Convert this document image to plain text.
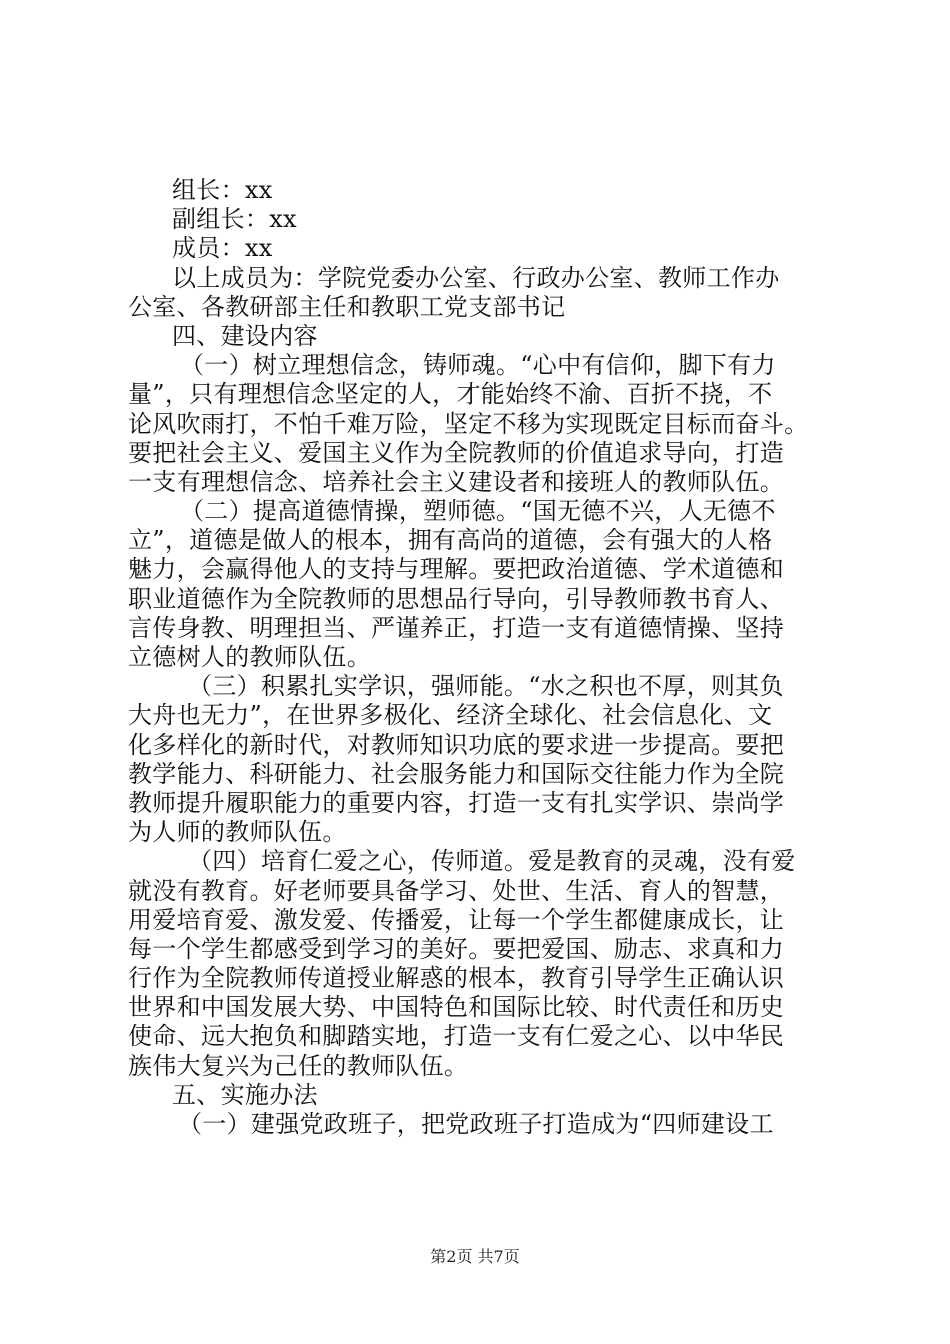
组长：xx
副组长：xx
成员：xx
以上成员为：学院党委办公室、行政办公室、教师工作办
公室、各教研部主任和教职工党支部书记
四、建设内容
（一）树立理想信念，铸师魂。“心中有信仰，脚下有力
量”，只有理想信念坚定的人，才能始终不渝、百折不挠，不
论风吹雨打，不怕千难万险，坚定不移为实现既定目标而奋斗。
要把社会主义、爱国主义作为全院教师的价值追求导向，打造
一支有理想信念、培养社会主义建设者和接班人的教师队伍。
（二）提高道德情操，塑师德。“国无德不兴，人无德不
立”，道德是做人的根本，拥有高尚的道德，会有强大的人格
魅力，会赢得他人的支持与理解。要把政治道德、学术道德和
职业道德作为全院教师的思想品行导向，引导教师教书育人、
言传身教、明理担当、严谨养正，打造一支有道德情操、坚持
立德树人的教师队伍。
（三）积累扎实学识，强师能。“水之积也不厚，则其负
大舟也无力”，在世界多极化、经济全球化、社会信息化、文
化多样化的新时代，对教师知识功底的要求进一步提高。要把
教学能力、科研能力、社会服务能力和国际交往能力作为全院
教师提升履职能力的重要内容，打造一支有扎实学识、崇尚学
为人师的教师队伍。
（四）培育仁爱之心，传师道。爱是教育的灵魂，没有爱
就没有教育。好老师要具备学习、处世、生活、育人的智慧，
用爱培育爱、激发爱、传播爱，让每一个学生都健康成长，让
每一个学生都感受到学习的美好。要把爱国、励志、求真和力
行作为全院教师传道授业解惑的根本，教育引导学生正确认识
世界和中国发展大势、中国特色和国际比较、时代责任和历史
使命、远大抱负和脚踏实地，打造一支有仁爱之心、以中华民
族伟大复兴为己任的教师队伍。
五、实施办法
（一）建强党政班子，把党政班子打造成为“四师建设工
第2页 共7页
